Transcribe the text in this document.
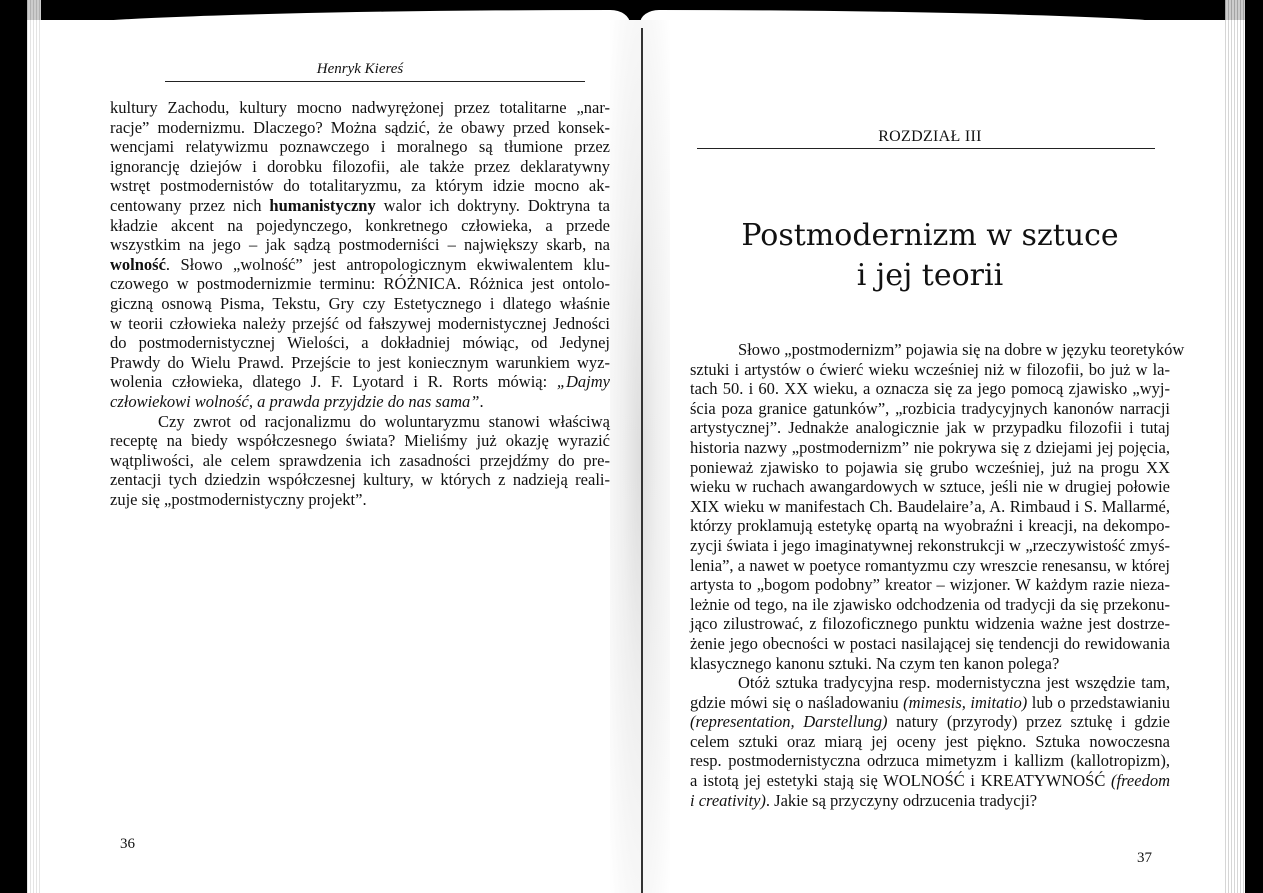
Henryk Kiereś
kultury Zachodu, kultury mocno nadwyrężonej przez totalitarne „nar-
racje” modernizmu. Dlaczego? Można sądzić, że obawy przed konsek-
wencjami relatywizmu poznawczego i moralnego są tłumione przez
ignorancję dziejów i dorobku filozofii, ale także przez deklaratywny
wstręt postmodernistów do totalitaryzmu, za którym idzie mocno ak-
centowany przez nich humanistyczny walor ich doktryny. Doktryna ta
kładzie akcent na pojedynczego, konkretnego człowieka, a przede
wszystkim na jego – jak sądzą postmoderniści – największy skarb, na
wolność. Słowo „wolność” jest antropologicznym ekwiwalentem klu-
czowego w postmodernizmie terminu: RÓŻNICA. Różnica jest ontolo-
giczną osnową Pisma, Tekstu, Gry czy Estetycznego i dlatego właśnie
w teorii człowieka należy przejść od fałszywej modernistycznej Jedności
do postmodernistycznej Wielości, a dokładniej mówiąc, od Jedynej
Prawdy do Wielu Prawd. Przejście to jest koniecznym warunkiem wyz-
wolenia człowieka, dlatego J. F. Lyotard i R. Rorts mówią: „Dajmy
człowiekowi wolność, a prawda przyjdzie do nas sama”.
Czy zwrot od racjonalizmu do woluntaryzmu stanowi właściwą
receptę na biedy współczesnego świata? Mieliśmy już okazję wyrazić
wątpliwości, ale celem sprawdzenia ich zasadności przejdźmy do pre-
zentacji tych dziedzin współczesnej kultury, w których z nadzieją reali-
zuje się „postmodernistyczny projekt”.
36
ROZDZIAŁ III
Postmodernizm w sztuce
i jej teorii
Słowo „postmodernizm” pojawia się na dobre w języku teoretyków
sztuki i artystów o ćwierć wieku wcześniej niż w filozofii, bo już w la-
tach 50. i 60. XX wieku, a oznacza się za jego pomocą zjawisko „wyj-
ścia poza granice gatunków”, „rozbicia tradycyjnych kanonów narracji
artystycznej”. Jednakże analogicznie jak w przypadku filozofii i tutaj
historia nazwy „postmodernizm” nie pokrywa się z dziejami jej pojęcia,
ponieważ zjawisko to pojawia się grubo wcześniej, już na progu XX
wieku w ruchach awangardowych w sztuce, jeśli nie w drugiej połowie
XIX wieku w manifestach Ch. Baudelaire’a, A. Rimbaud i S. Mallarmé,
którzy proklamują estetykę opartą na wyobraźni i kreacji, na dekompo-
zycji świata i jego imaginatywnej rekonstrukcji w „rzeczywistość zmyś-
lenia”, a nawet w poetyce romantyzmu czy wreszcie renesansu, w której
artysta to „bogom podobny” kreator – wizjoner. W każdym razie nieza-
leżnie od tego, na ile zjawisko odchodzenia od tradycji da się przekonu-
jąco zilustrować, z filozoficznego punktu widzenia ważne jest dostrze-
żenie jego obecności w postaci nasilającej się tendencji do rewidowania
klasycznego kanonu sztuki. Na czym ten kanon polega?
Otóż sztuka tradycyjna resp. modernistyczna jest wszędzie tam,
gdzie mówi się o naśladowaniu (mimesis, imitatio) lub o przedstawianiu
(representation, Darstellung) natury (przyrody) przez sztukę i gdzie
celem sztuki oraz miarą jej oceny jest piękno. Sztuka nowoczesna
resp. postmodernistyczna odrzuca mimetyzm i kallizm (kallotropizm),
a istotą jej estetyki stają się WOLNOŚĆ i KREATYWNOŚĆ (freedom
i creativity). Jakie są przyczyny odrzucenia tradycji?
37
